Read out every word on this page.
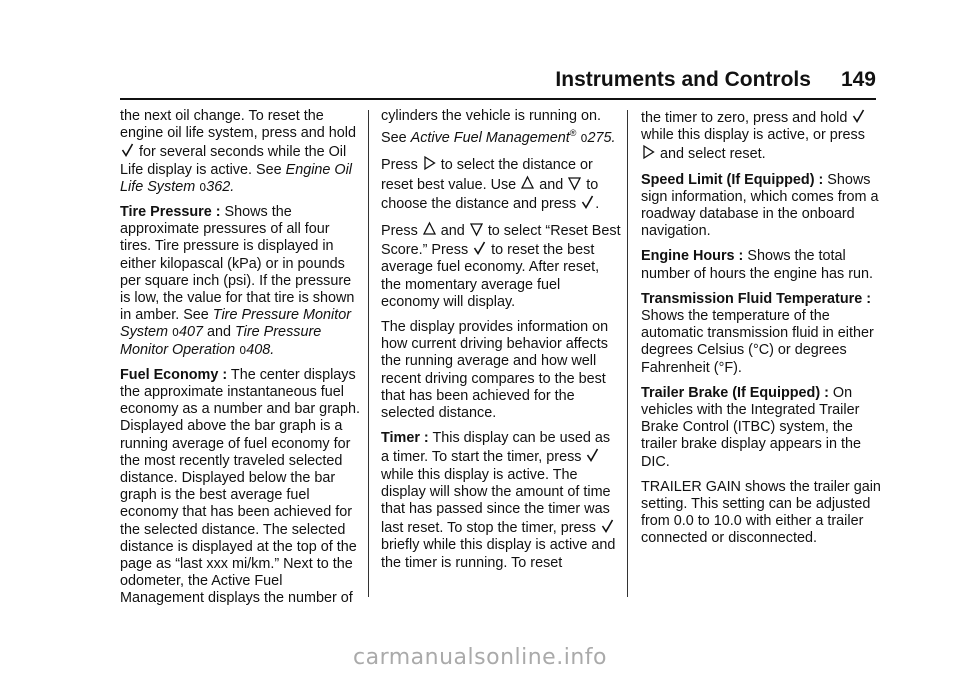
Instruments and Controls 149

the next oil change. To reset the engine oil life system, press and hold
for several seconds while the Oil Life display is active. See Engine Oil Life System 0362.

Tire Pressure : Shows the approximate pressures of all four tires. Tire pressure is displayed in either kilopascal (kPa) or in pounds per square inch (psi). If the pressure is low, the value for that tire is shown in amber. See Tire Pressure Monitor System 0407 and Tire Pressure Monitor Operation 0408.

Fuel Economy : The center displays the approximate instantaneous fuel economy as a number and bar graph. Displayed above the bar graph is a running average of fuel economy for the most recently traveled selected distance. Displayed below the bar graph is the best average fuel economy that has been achieved for the selected distance. The selected distance is displayed at the top of the page as “last xxx mi/km.” Next to the odometer, the Active Fuel Management displays the number of

cylinders the vehicle is running on. See Active Fuel Management® 0275.

Press to select the distance or reset best value. Use and to choose the distance and press .

Press and to select “Reset Best Score.” Press to reset the best average fuel economy. After reset, the momentary average fuel economy will display.

The display provides information on how current driving behavior affects the running average and how well recent driving compares to the best that has been achieved for the selected distance.

Timer : This display can be used as a timer. To start the timer, press
while this display is active. The display will show the amount of time that has passed since the timer was last reset. To stop the timer, press
briefly while this display is active and the timer is running. To reset

the timer to zero, press and hold
while this display is active, or press
and select reset.

Speed Limit (If Equipped) : Shows sign information, which comes from a roadway database in the onboard navigation.

Engine Hours : Shows the total number of hours the engine has run.

Transmission Fluid Temperature : Shows the temperature of the automatic transmission fluid in either degrees Celsius (°C) or degrees Fahrenheit (°F).

Trailer Brake (If Equipped) : On vehicles with the Integrated Trailer Brake Control (ITBC) system, the trailer brake display appears in the DIC.

TRAILER GAIN shows the trailer gain setting. This setting can be adjusted from 0.0 to 10.0 with either a trailer connected or disconnected.

carmanualsonline.info
